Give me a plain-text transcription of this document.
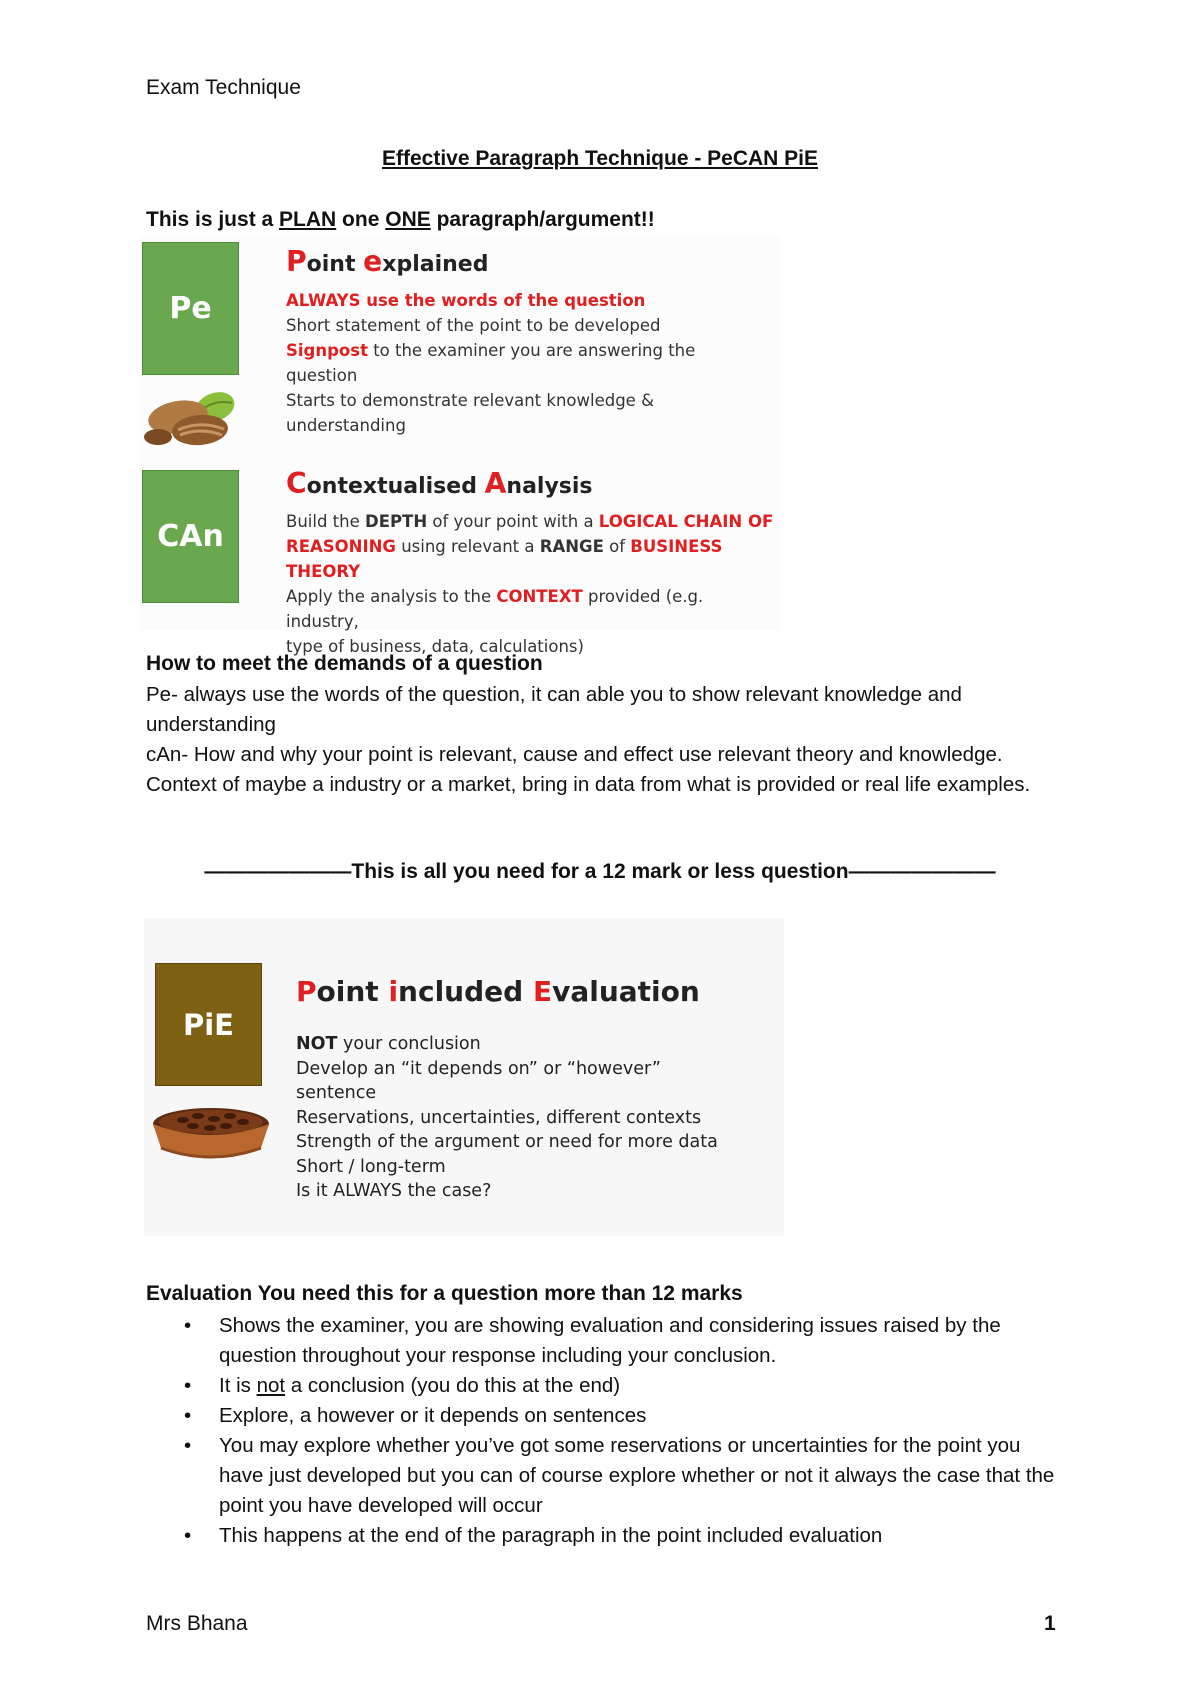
Exam Technique
Effective Paragraph Technique - PeCAN PiE
This is just a PLAN one ONE paragraph/argument!!
Pe
Point explained
ALWAYS use the words of the question
Short statement of the point to be developed
Signpost to the examiner you are answering the
question
Starts to demonstrate relevant knowledge &
understanding
CAn
Contextualised Analysis
Build the DEPTH of your point with a LOGICAL CHAIN OF
REASONING using relevant a RANGE of BUSINESS THEORY
Apply the analysis to the CONTEXT provided (e.g. industry,
type of business, data, calculations)
How to meet the demands of a question
Pe- always use the words of the question, it can able you to show relevant knowledge and understanding
cAn- How and why your point is relevant, cause and effect use relevant theory and knowledge. Context of maybe a industry or a market, bring in data from what is provided or real life examples.
———————This is all you need for a 12 mark or less question———————
PiE
Point included Evaluation
NOT your conclusion
Develop an “it depends on” or “however”
sentence
Reservations, uncertainties, different contexts
Strength of the argument or need for more data
Short / long-term
Is it ALWAYS the case?
Evaluation You need this for a question more than 12 marks
• Shows the examiner, you are showing evaluation and considering issues raised by the question throughout your response including your conclusion.
• It is not a conclusion (you do this at the end)
• Explore, a however or it depends on sentences
• You may explore whether you’ve got some reservations or uncertainties for the point you have just developed but you can of course explore whether or not it always the case that the point you have developed will occur
• This happens at the end of the paragraph in the point included evaluation
Mrs Bhana	1
